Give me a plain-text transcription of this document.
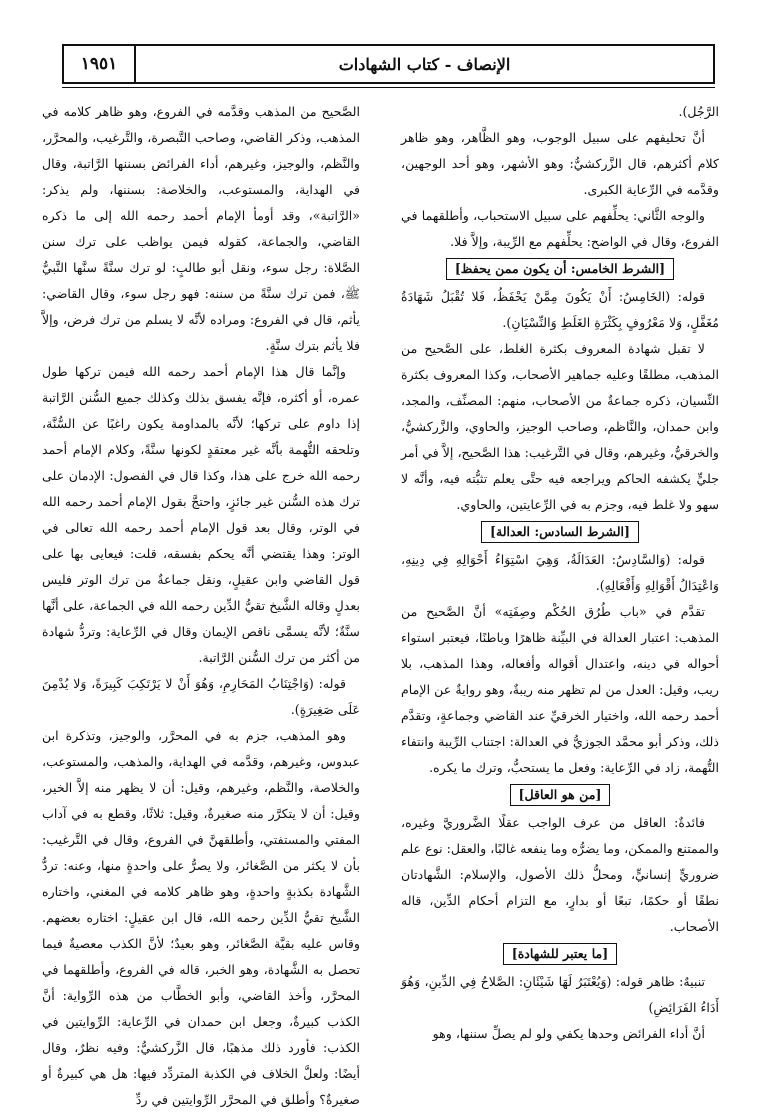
١٩٥١	الإنصاف - كتاب الشهادات

الرَّجُل).

أنَّ تحليفهم على سبيل الوجوب، وهو الظَّاهر، وهو ظاهر كلام أكثرهم، قال الزَّركشيُّ: وهو الأشهر، وهو أحد الوجهين، وقدَّمه في الرِّعاية الكبرى.

والوجه الثَّاني: يحلِّفهم على سبيل الاستحباب، وأطلقهما في الفروع، وقال في الواضح: يحلِّفهم مع الرِّيبة، وإلاَّ فلا.

[الشرط الخامس: أن يكون ممن يحفظ]

قوله: (الخَامِسُ: أَنْ يَكُونَ مِمَّنْ يَحْفَظُ، فَلا تُقْبَلُ شَهَادَةُ مُغَفَّلٍ، وَلا مَعْرُوفٍ بِكَثْرَةِ الغَلَطِ وَالنِّسْيَانِ).

لا تقبل شهادة المعروف بكثرة الغلط، على الصَّحيح من المذهب، مطلقًا وعليه جماهير الأصحاب، وكذا المعروف بكثرة النِّسيان، ذكره جماعةٌ من الأصحاب، منهم: المصنِّف، والمجد، وابن حمدان، والنَّاظم، وصاحب الوجيز، والحاوي، والزَّركشيُّ، والخرقيُّ، وغيرهم، وقال في التَّرغيب: هذا الصَّحيح، إلاَّ في أمر جليٍّ يكشفه الحاكم ويراجعه فيه حتَّى يعلم تثبُّته فيه، وأنَّه لا سهو ولا غلط فيه، وجزم به في الرِّعايتين، والحاوي.

[الشرط السادس: العدالة]

قوله: (وَالسَّادِسُ: العَدَالَةُ، وَهِيَ اسْتِوَاءُ أَحْوَالِهِ فِي دِينِهِ، وَاعْتِدَالُ أَقْوَالِهِ وَأَفْعَالِهِ).

تقدَّم في «باب طُرُق الحُكْم وصِفَتِه» أنَّ الصَّحيح من المذهب: اعتبار العدالة في البيِّنة ظاهرًا وباطنًا، فيعتبر استواء أحواله في دينه، واعتدال أقواله وأفعاله، وهذا المذهب، بلا ريب، وقيل: العدل من لم تظهر منه ريبةٌ، وهو روايةٌ عن الإمام أحمد رحمه الله، واختيار الخرقيِّ عند القاضي وجماعةٍ، وتقدَّم ذلك، وذكر أبو محمَّد الجوزيُّ في العدالة: اجتناب الرِّيبة وانتفاء التُّهمة، زاد في الرِّعاية: وفعل ما يستحبُّ، وترك ما يكره.

[من هو العاقل]

فائدةٌ: العاقل من عرف الواجب عقلًا الضَّروريَّ وغيره، والممتنع والممكن، وما يضرُّه وما ينفعه غالبًا، والعقل: نوع علم ضروريٍّ إنسانيٍّ، ومحلُّ ذلك الأصول، والإسلام: الشَّهادتان نطقًا أو حكمًا، تبعًا أو بدارٍ، مع التزام أحكام الدِّين، قاله الأصحاب.

[ما يعتبر للشهادة]

تنبيهٌ: ظاهر قوله: (وَيُعْتَبَرُ لَهَا شَيْئَانِ: الصَّلاحُ فِي الدِّينِ، وَهُوَ أَدَاءُ الفَرَائِضِ)

أنَّ أداء الفرائض وحدها يكفي ولو لم يصلِّ سننها، وهو

الصَّحيح من المذهب وقدَّمه في الفروع، وهو ظاهر كلامه في المذهب، وذكر القاضي، وصاحب التَّبصرة، والتَّرغيب، والمحرَّر، والنَّظم، والوجيز، وغيرهم، أداء الفرائض بسننها الرَّاتبة، وقال في الهداية، والمستوعب، والخلاصة: بسننها، ولم يذكر: «الرَّاتبة»، وقد أومأ الإمام أحمد رحمه الله إلى ما ذكره القاضي، والجماعة، كقوله فيمن يواظب على ترك سنن الصَّلاة: رجل سوء، ونقل أبو طالبٍ: لو ترك سنَّةً سنَّها النَّبيُّ ﷺ، فمن ترك سنَّةً من سننه: فهو رجل سوء، وقال القاضي: يأثم، قال في الفروع: ومراده لأنَّه لا يسلم من ترك فرض، وإلاَّ فلا يأثم بترك سنَّةٍ.

وإنَّما قال هذا الإمام أحمد رحمه الله فيمن تركها طول عمره، أو أكثره، فإنَّه يفسق بذلك وكذلك جميع السُّنن الرَّاتبة إذا داوم على تركها؛ لأنَّه بالمداومة يكون راغبًا عن السُّنَّة، وتلحقه التُّهمة بأنَّه غير معتقدٍ لكونها سنَّةً، وكلام الإمام أحمد رحمه الله خرج على هذا، وكذا قال في الفصول: الإدمان على ترك هذه السُّنن غير جائزٍ، واحتجَّ بقول الإمام أحمد رحمه الله في الوتر، وقال بعد قول الإمام أحمد رحمه الله تعالى في الوتر: وهذا يقتضي أنَّه يحكم بفسقه، قلت: فيعايى بها على قول القاضي وابن عقيلٍ، ونقل جماعةٌ من ترك الوتر فليس بعدلٍ وقاله الشَّيخ تقيُّ الدِّين رحمه الله في الجماعة، على أنَّها سنَّةٌ؛ لأنَّه يسمَّى ناقص الإيمان وقال في الرِّعاية: وتردُّ شهادة من أكثر من ترك السُّنن الرَّاتبة.

قوله: (وَاجْتِنَابُ المَحَارِمِ، وَهُوَ أَنْ لا يَرْتَكِبَ كَبِيرَةً، وَلا يُدْمِنَ عَلَى صَغِيرَةٍ).

وهو المذهب، جزم به في المحرَّر، والوجيز، وتذكرة ابن عبدوس، وغيرهم، وقدَّمه في الهداية، والمذهب، والمستوعب، والخلاصة، والنَّظم، وغيرهم، وقيل: أن لا يظهر منه إلاَّ الخير، وقيل: أن لا يتكرَّر منه صغيرةٌ، وقيل: ثلاثًا، وقطع به في آداب المفتي والمستفتي، وأطلقهنَّ في الفروع، وقال في التَّرغيب: بأن لا يكثر من الصَّغائر، ولا يصرُّ على واحدةٍ منها، وعنه: تردُّ الشَّهادة بكذبةٍ واحدةٍ، وهو ظاهر كلامه في المغني، واختاره الشَّيخ تقيُّ الدِّين رحمه الله، قال ابن عقيلٍ: اختاره بعضهم. وقاس عليه بقيَّة الصَّغائر، وهو بعيدٌ؛ لأنَّ الكذب معصيةٌ فيما تحصل به الشَّهادة، وهو الخبر، قاله في الفروع، وأطلقهما في المحرَّر، وأخذ القاضي، وأبو الخطَّاب من هذه الرِّواية: أنَّ الكذب كبيرةٌ، وجعل ابن حمدان في الرِّعاية: الرِّوايتين في الكذب: فأورد ذلك مذهبًا، قال الزَّركشيُّ: وفيه نظرٌ، وقال أيضًا: ولعلَّ الخلاف في الكذبة المتردِّد فيها: هل هي كبيرةٌ أو صغيرةٌ؟ وأطلق في المحرَّر الرِّوايتين في ردِّ
